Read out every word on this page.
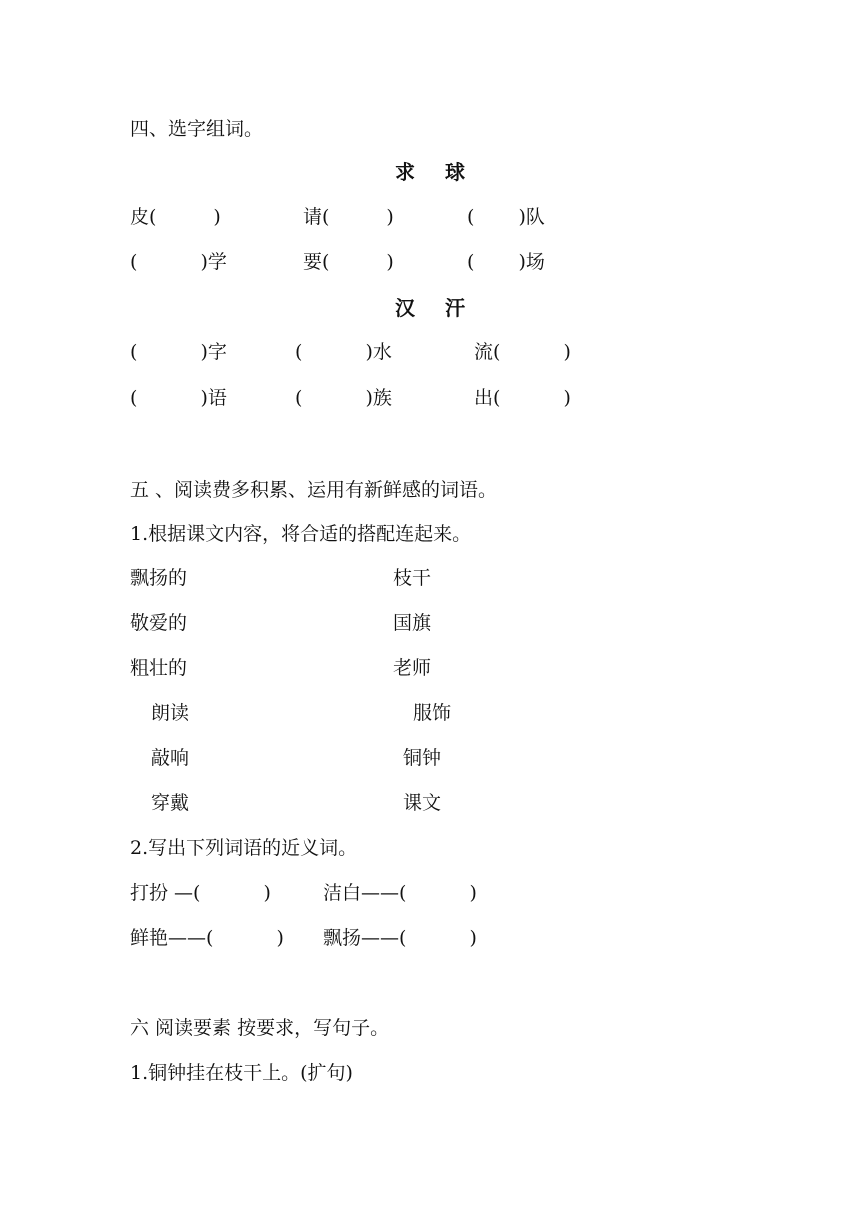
四、选字组词。
求　 球
皮(　　　)	请(　　　)	(　　 )队
(　　　 )学	要(　　　)	(　　 )场
汉　 汗
(　　　 )字	(　　　 )水	流(　　　 )
(　　　 )语	(　　　 )族	出(　　　 )
五 、阅读费多积累、运用有新鲜感的词语。
1.根据课文内容，将合适的搭配连起来。
飘扬的	枝干
敬爱的	国旗
粗壮的	老师
朗读	服饰
敲响	铜钟
穿戴	课文
2.写出下列词语的近义词。
打扮 —(　　　 )	洁白——(　　　 )
鲜艳——(　　　 ) 飘扬——(　　　 )
六 阅读要素 按要求，写句子。
1.铜钟挂在枝干上。(扩句)
